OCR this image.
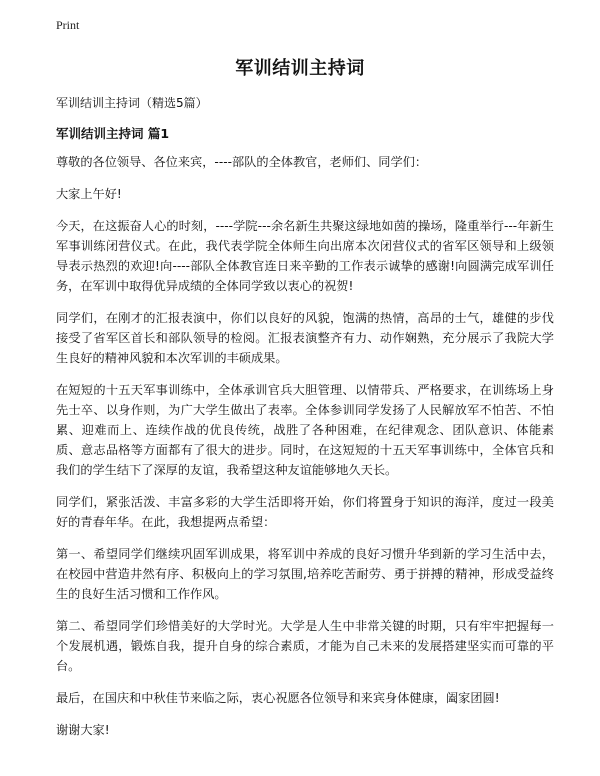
Print
军训结训主持词
军训结训主持词（精选5篇）
军训结训主持词 篇1

尊敬的各位领导、各位来宾，----部队的全体教官，老师们、同学们：

大家上午好!

今天，在这振奋人心的时刻，----学院---余名新生共聚这绿地如茵的操场，隆重举行---年新生军事训练闭营仪式。在此，我代表学院全体师生向出席本次闭营仪式的省军区领导和上级领导表示热烈的欢迎!向----部队全体教官连日来辛勤的工作表示诚挚的感谢!向圆满完成军训任务，在军训中取得优异成绩的全体同学致以衷心的祝贺!

同学们，在刚才的汇报表演中，你们以良好的风貌，饱满的热情，高昂的士气，雄健的步伐接受了省军区首长和部队领导的检阅。汇报表演整齐有力、动作娴熟，充分展示了我院大学生良好的精神风貌和本次军训的丰硕成果。

在短短的十五天军事训练中，全体承训官兵大胆管理、以情带兵、严格要求，在训练场上身先士卒、以身作则，为广大学生做出了表率。全体参训同学发扬了人民解放军不怕苦、不怕累、迎难而上、连续作战的优良传统，战胜了各种困难，在纪律观念、团队意识、体能素质、意志品格等方面都有了很大的进步。同时，在这短短的十五天军事训练中，全体官兵和我们的学生结下了深厚的友谊，我希望这种友谊能够地久天长。

同学们，紧张活泼、丰富多彩的大学生活即将开始，你们将置身于知识的海洋，度过一段美好的青春年华。在此，我想提两点希望：

第一、希望同学们继续巩固军训成果，将军训中养成的良好习惯升华到新的学习生活中去，在校园中营造井然有序、积极向上的学习氛围,培养吃苦耐劳、勇于拼搏的精神，形成受益终生的良好生活习惯和工作作风。

第二、希望同学们珍惜美好的大学时光。大学是人生中非常关键的时期，只有牢牢把握每一个发展机遇，锻炼自我，提升自身的综合素质，才能为自己未来的发展搭建坚实而可靠的平台。

最后，在国庆和中秋佳节来临之际，衷心祝愿各位领导和来宾身体健康，阖家团圆!

谢谢大家!
